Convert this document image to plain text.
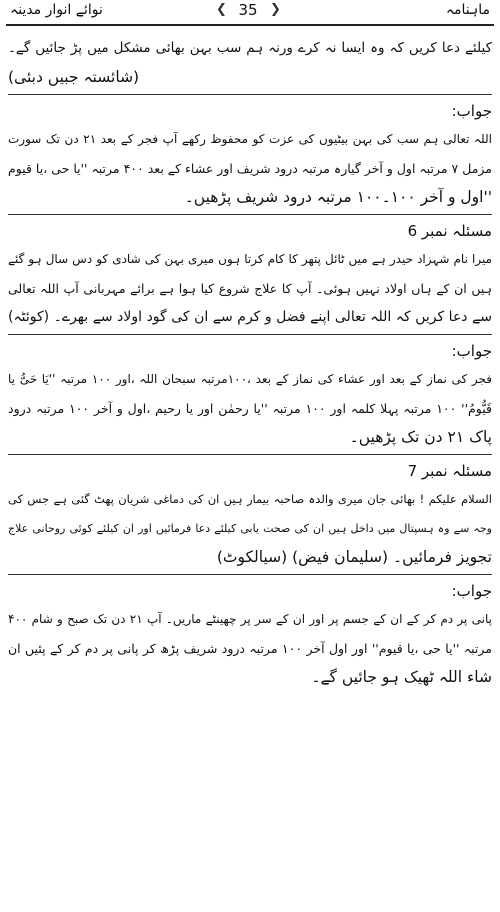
نوائے انوار مدینہ	❮ 35 ❯	ماہنامہ
کیلئے دعا کریں کہ وہ ایسا نہ کرے ورنہ ہم سب بہن بھائی مشکل میں پڑ جائیں گے۔
(شائستہ جبیں دبئی)
جواب:
اللہ تعالی ہم سب کی بہن بیٹیوں کی عزت کو محفوظ رکھے آپ فجر کے بعد ۲۱ دن تک سورت
مزمل ۷ مرتبہ اول و آخر گیارہ مرتبہ درود شریف اور عشاء کے بعد ۴۰۰ مرتبہ ''یا حی ،یا قیوم
''اول و آخر ۱۰۰۔۱۰۰ مرتبہ درود شریف پڑھیں۔
مسئلہ نمبر 6
میرا نام شہزاد حیدر ہے میں ٹائل پتھر کا کام کرتا ہوں میری بہن کی شادی کو دس سال ہو گئے
ہیں ان کے ہاں اولاد نہیں ہوئی۔ آپ کا علاج شروع کیا ہوا ہے برائے مہربانی آپ اللہ تعالی
سے دعا کریں کہ اللہ تعالی اپنے فضل و کرم سے ان کی گود اولاد سے بھرے۔ (کوئٹہ)
جواب:
فجر کی نماز کے بعد اور عشاء کی نماز کے بعد ،۱۰۰مرتبہ سبحان اللہ ،اور ۱۰۰ مرتبہ ''یَا حَیُّ یا
قَیُّومُ'' ۱۰۰ مرتبہ پہلا کلمہ اور ۱۰۰ مرتبہ ''یا رحمٰن اور یا رحیم ،اول و آخر ۱۰۰ مرتبہ درود
پاک ۲۱ دن تک پڑھیں۔
مسئلہ نمبر 7
السلام علیکم ! بھائی جان میری والدہ صاحبہ بیمار ہیں ان کی دماغی شریان پھٹ گئی ہے جس کی
وجہ سے وہ ہسپتال میں داخل ہیں ان کی صحت یابی کیلئے دعا فرمائیں اور ان کیلئے کوئی روحانی علاج
تجویز فرمائیں۔ (سلیمان فیض) (سیالکوٹ)
جواب:
پانی پر دم کر کے ان کے جسم پر اور ان کے سر پر چھینٹے ماریں۔ آپ ۲۱ دن تک صبح و شام ۴۰۰
مرتبہ ''یا حی ،یا قیوم'' اور اول آخر ۱۰۰ مرتبہ درود شریف پڑھ کر پانی پر دم کر کے پئیں ان
شاء اللہ ٹھیک ہو جائیں گے۔
